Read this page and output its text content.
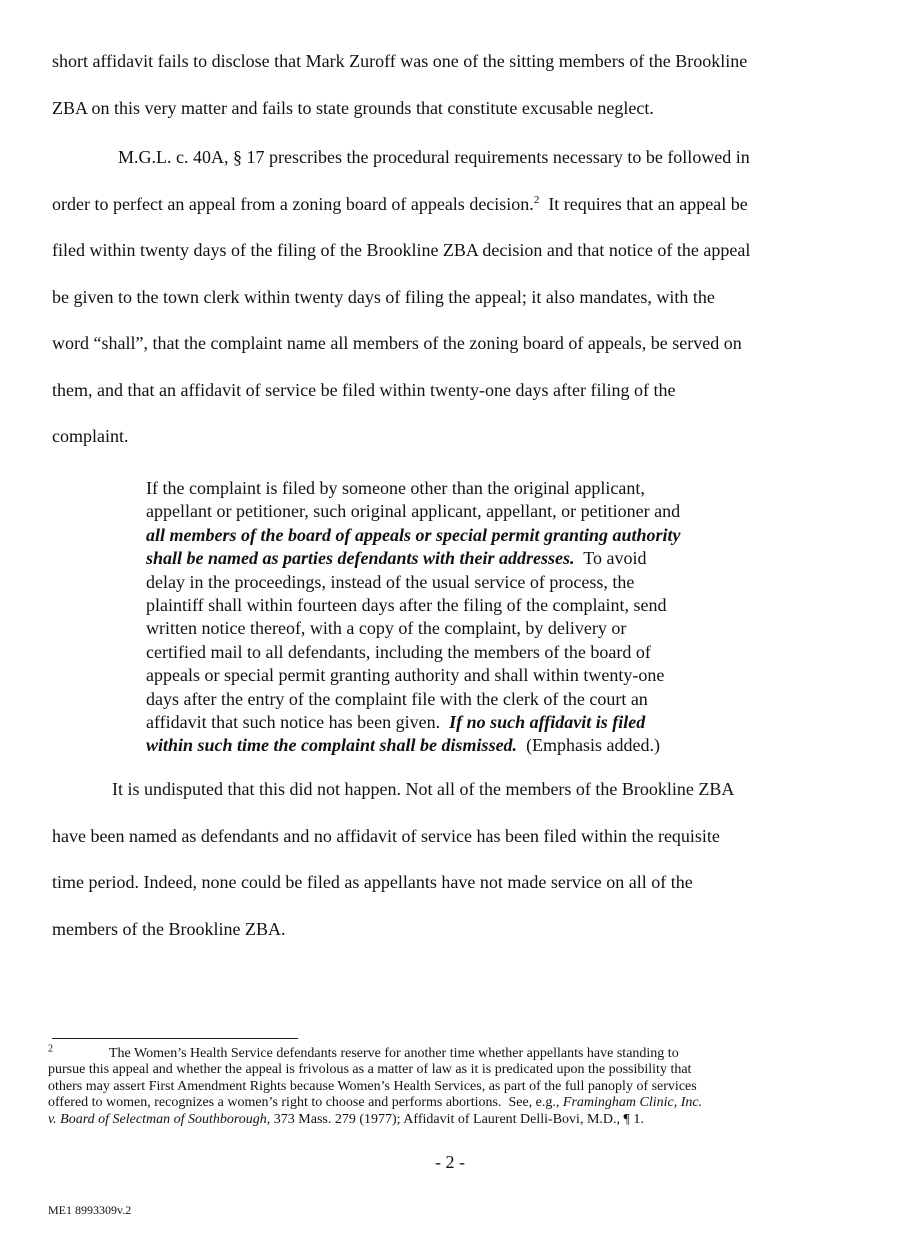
short affidavit fails to disclose that Mark Zuroff was one of the sitting members of the Brookline
ZBA on this very matter and fails to state grounds that constitute excusable neglect.

M.G.L. c. 40A, § 17 prescribes the procedural requirements necessary to be followed in
order to perfect an appeal from a zoning board of appeals decision.$^2$  It requires that an appeal be
filed within twenty days of the filing of the Brookline ZBA decision and that notice of the appeal
be given to the town clerk within twenty days of filing the appeal; it also mandates, with the
word “shall”, that the complaint name all members of the zoning board of appeals, be served on
them, and that an affidavit of service be filed within twenty-one days after filing of the
complaint.

If the complaint is filed by someone other than the original applicant,
appellant or petitioner, such original applicant, appellant, or petitioner and
all members of the board of appeals or special permit granting authority
shall be named as parties defendants with their addresses.  To avoid
delay in the proceedings, instead of the usual service of process, the
plaintiff shall within fourteen days after the filing of the complaint, send
written notice thereof, with a copy of the complaint, by delivery or
certified mail to all defendants, including the members of the board of
appeals or special permit granting authority and shall within twenty-one
days after the entry of the complaint file with the clerk of the court an
affidavit that such notice has been given.  If no such affidavit is filed
within such time the complaint shall be dismissed.  (Emphasis added.)

It is undisputed that this did not happen. Not all of the members of the Brookline ZBA
have been named as defendants and no affidavit of service has been filed within the requisite
time period. Indeed, none could be filed as appellants have not made service on all of the
members of the Brookline ZBA.

$^2$	The Women’s Health Service defendants reserve for another time whether appellants have standing to
pursue this appeal and whether the appeal is frivolous as a matter of law as it is predicated upon the possibility that
others may assert First Amendment Rights because Women’s Health Services, as part of the full panoply of services
offered to women, recognizes a women’s right to choose and performs abortions.  See, e.g., Framingham Clinic, Inc.
v. Board of Selectman of Southborough, 373 Mass. 279 (1977); Affidavit of Laurent Delli-Bovi, M.D., ¶ 1.

- 2 -
ME1 8993309v.2
